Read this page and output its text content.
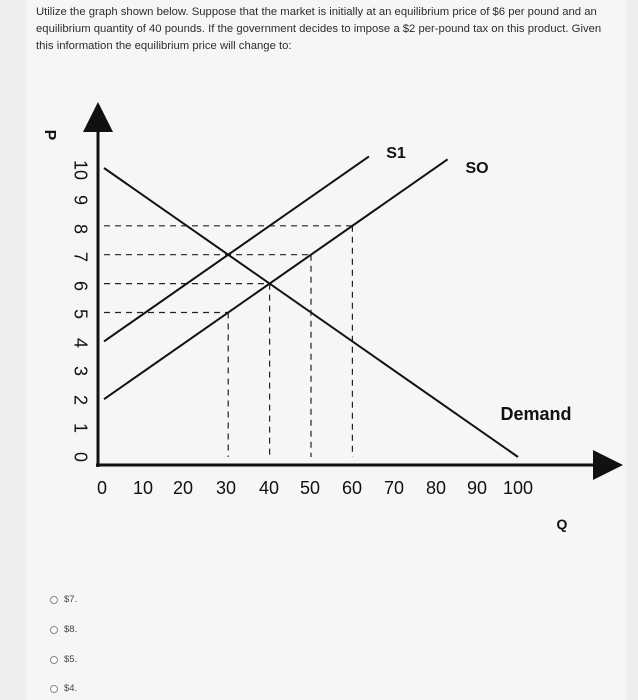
Utilize the graph shown below. Suppose that the market is initially at an equilibrium price of $6 per pound and an equilibrium quantity of 40 pounds. If the government decides to impose a $2 per-pound tax on this product. Given this information the equilibrium price will change to:
0
1
2
3
4
5
6
7
8
9
10
0 10 20 30 40 50 60 70 80 90 100
P
Q
S1
SO
Demand
$7.
$8.
$5.
$4.
